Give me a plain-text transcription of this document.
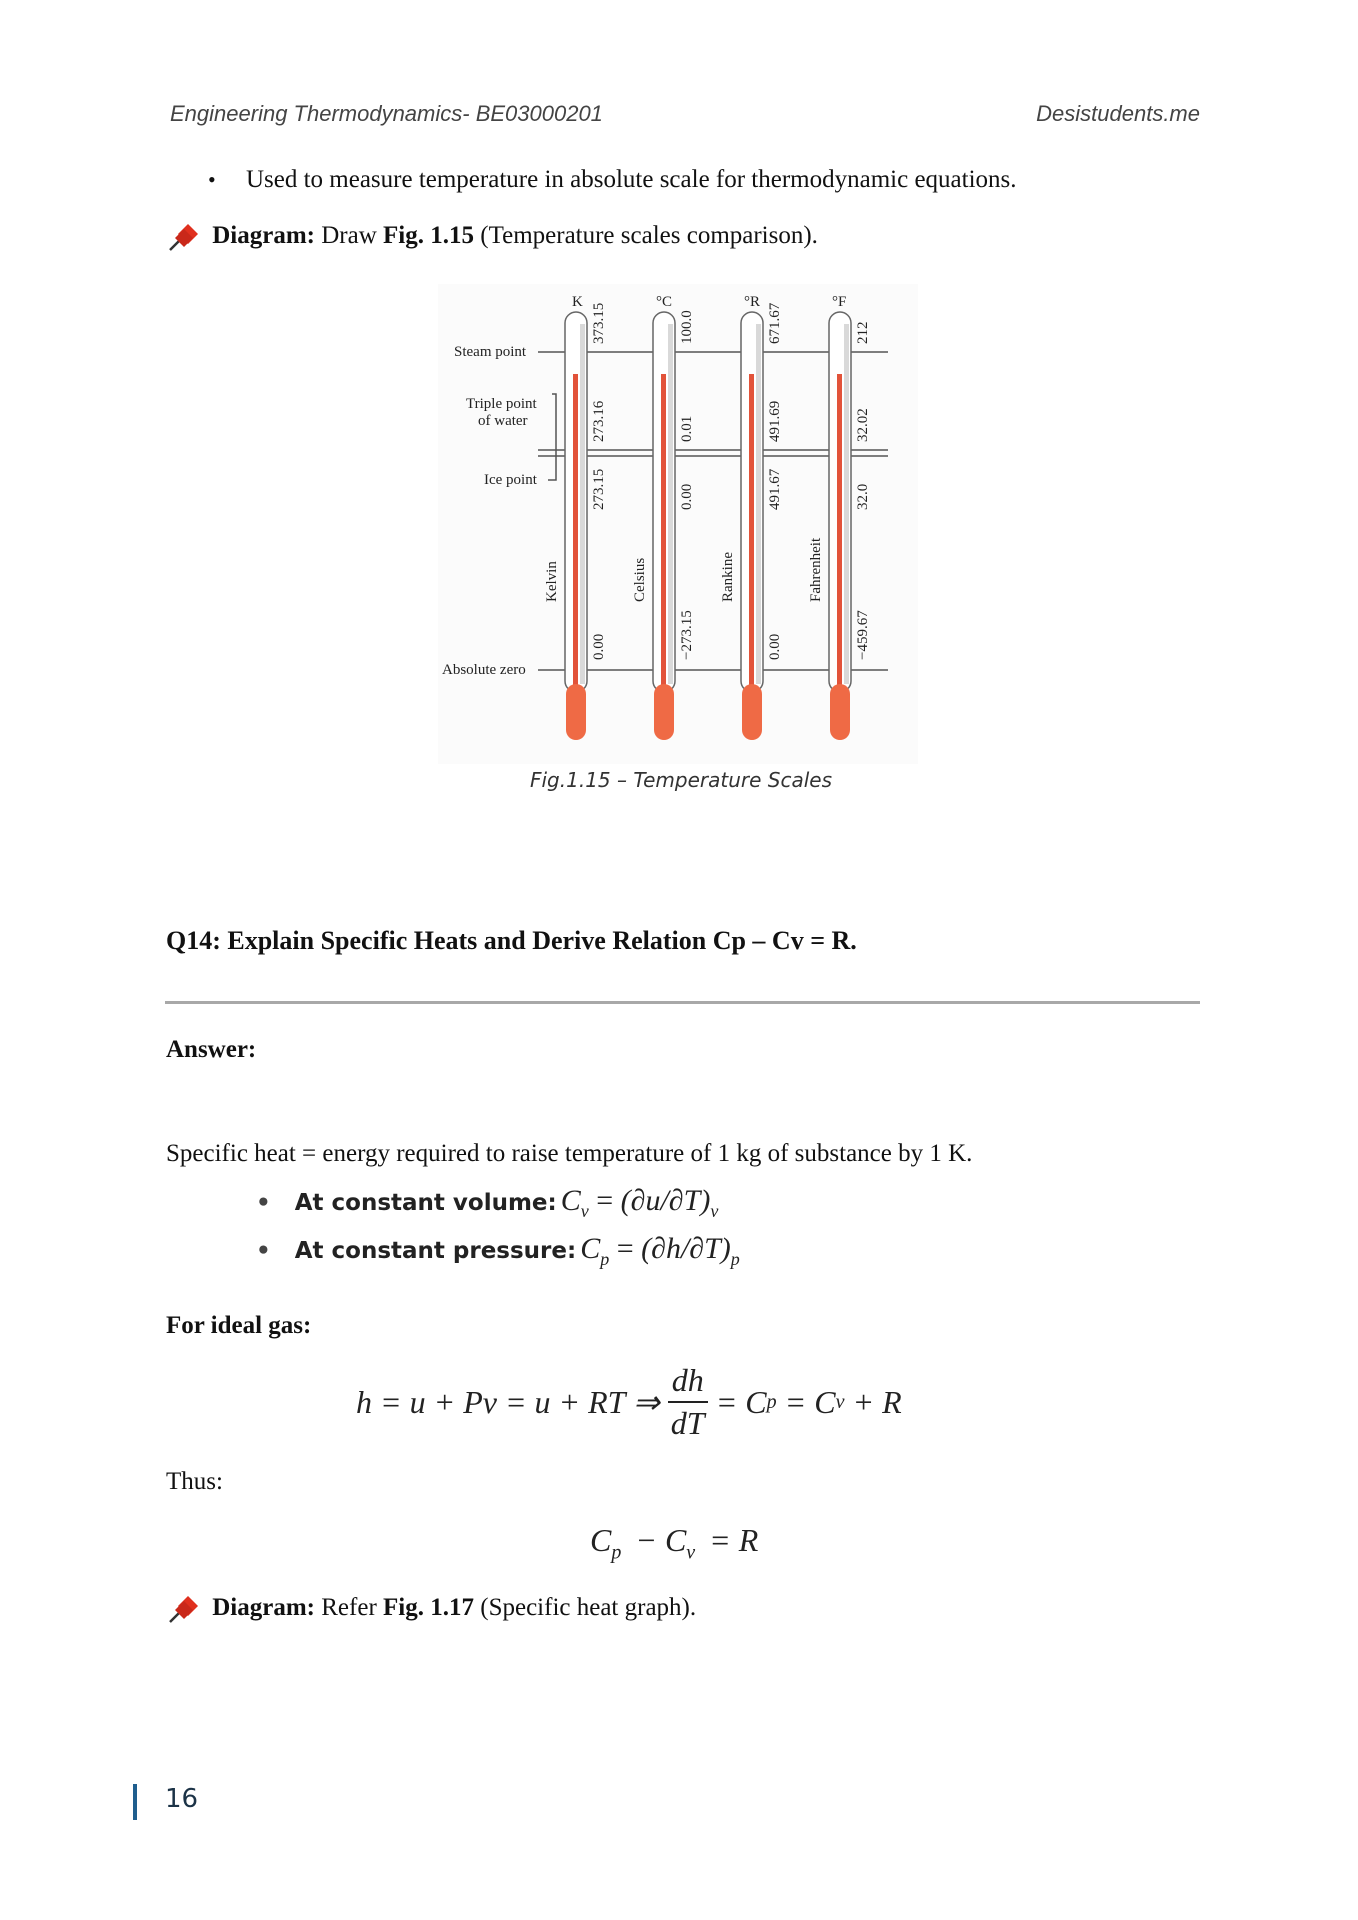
Engineering Thermodynamics- BE03000201	Desistudents.me
• Used to measure temperature in absolute scale for thermodynamic equations.
Diagram: Draw Fig. 1.15 (Temperature scales comparison).
Steam point
Triple point
of water
Ice point
Absolute zero
K
373.15
273.16
273.15
0.00
Kelvin
°C
100.0
0.01
0.00
−273.15
Celsius
°R
671.67
491.69
491.67
0.00
Rankine
°F
212
32.02
32.0
−459.67
Fahrenheit
Fig.1.15 – Temperature Scales
Q14: Explain Specific Heats and Derive Relation Cp – Cv = R.
Answer:
Specific heat = energy required to raise temperature of 1 kg of substance by 1 K.
• At constant volume: $C_v = (\partial u/\partial T)_v$
• At constant pressure: $C_p = (\partial h/\partial T)_p$
For ideal gas:
h = u + Pv = u + RT ⇒ $\frac{dh}{dT} = C$ p = C v + R
Thus:
$C_p - C_v = R$
Diagram: Refer Fig. 1.17 (Specific heat graph).
16
